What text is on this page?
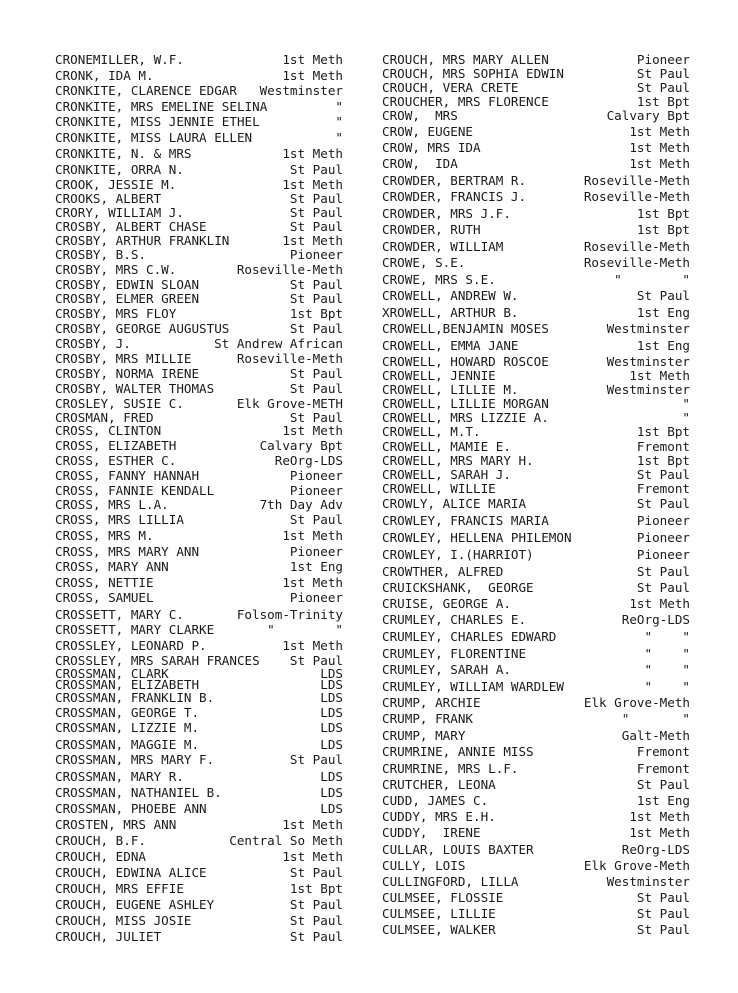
CRONEMILLER, W.F.	1st Meth
CRONK, IDA M.	1st Meth
CRONKITE, CLARENCE EDGAR Westminster
CRONKITE, MRS EMELINE SELINA	"
CRONKITE, MISS JENNIE ETHEL	"
CRONKITE, MISS LAURA ELLEN	"
CRONKITE, N. & MRS	1st Meth
CRONKITE, ORRA N.	St Paul
CROOK, JESSIE M.	1st Meth
CROOKS, ALBERT	St Paul
CRORY, WILLIAM J.	St Paul
CROSBY, ALBERT CHASE	St Paul
CROSBY, ARTHUR FRANKLIN	1st Meth
CROSBY, B.S.	Pioneer
CROSBY, MRS C.W.	Roseville-Meth
CROSBY, EDWIN SLOAN	St Paul
CROSBY, ELMER GREEN	St Paul
CROSBY, MRS FLOY	1st Bpt
CROSBY, GEORGE AUGUSTUS	St Paul
CROSBY, J.	St Andrew African
CROSBY, MRS MILLIE	Roseville-Meth
CROSBY, NORMA IRENE	St Paul
CROSBY, WALTER THOMAS	St Paul
CROSLEY, SUSIE C.	Elk Grove-METH
CROSMAN, FRED	St Paul
CROSS, CLINTON	1st Meth
CROSS, ELIZABETH	Calvary Bpt
CROSS, ESTHER C.	ReOrg-LDS
CROSS, FANNY HANNAH	Pioneer
CROSS, FANNIE KENDALL	Pioneer
CROSS, MRS L.A.	7th Day Adv
CROSS, MRS LILLIA	St Paul
CROSS, MRS M.	1st Meth
CROSS, MRS MARY ANN	Pioneer
CROSS, MARY ANN	1st Eng
CROSS, NETTIE	1st Meth
CROSS, SAMUEL	Pioneer
CROSSETT, MARY C.	Folsom-Trinity
CROSSETT, MARY CLARKE	"        "
CROSSLEY, LEONARD P.	1st Meth
CROSSLEY, MRS SARAH FRANCES St Paul
CROSSMAN, CLARK	LDS
CROSSMAN, ELIZABETH	LDS
CROSSMAN, FRANKLIN B.	LDS
CROSSMAN, GEORGE T.	LDS
CROSSMAN, LIZZIE M.	LDS
CROSSMAN, MAGGIE M.	LDS
CROSSMAN, MRS MARY F.	St Paul
CROSSMAN, MARY R.	LDS
CROSSMAN, NATHANIEL B.	LDS
CROSSMAN, PHOEBE ANN	LDS
CROSTEN, MRS ANN	1st Meth
CROUCH, B.F.	Central So Meth
CROUCH, EDNA	1st Meth
CROUCH, EDWINA ALICE	St Paul
CROUCH, MRS EFFIE	1st Bpt
CROUCH, EUGENE ASHLEY	St Paul
CROUCH, MISS JOSIE	St Paul
CROUCH, JULIET	St Paul
CROUCH, MRS MARY ALLEN	Pioneer
CROUCH, MRS SOPHIA EDWIN	St Paul
CROUCH, VERA CRETE	St Paul
CROUCHER, MRS FLORENCE	1st Bpt
CROW,  MRS	Calvary Bpt
CROW, EUGENE	1st Meth
CROW, MRS IDA	1st Meth
CROW,  IDA	1st Meth
CROWDER, BERTRAM R.	Roseville-Meth
CROWDER, FRANCIS J.	Roseville-Meth
CROWDER, MRS J.F.	1st Bpt
CROWDER, RUTH	1st Bpt
CROWDER, WILLIAM	Roseville-Meth
CROWE, S.E.	Roseville-Meth
CROWE, MRS S.E.	"        "
CROWELL, ANDREW W.	St Paul
XROWELL, ARTHUR B.	1st Eng
CROWELL,BENJAMIN MOSES	Westminster
CROWELL, EMMA JANE	1st Eng
CROWELL, HOWARD ROSCOE	Westminster
CROWELL, JENNIE	1st Meth
CROWELL, LILLIE M.	Westminster
CROWELL, LILLIE MORGAN	"
CROWELL, MRS LIZZIE A.	"
CROWELL, M.T.	1st Bpt
CROWELL, MAMIE E.	Fremont
CROWELL, MRS MARY H.	1st Bpt
CROWELL, SARAH J.	St Paul
CROWELL, WILLIE	Fremont
CROWLY, ALICE MARIA	St Paul
CROWLEY, FRANCIS MARIA	Pioneer
CROWLEY, HELLENA PHILEMON	Pioneer
CROWLEY, I.(HARRIOT)	Pioneer
CROWTHER, ALFRED	St Paul
CRUICKSHANK,  GEORGE	St Paul
CRUISE, GEORGE A.	1st Meth
CRUMLEY, CHARLES E.	ReOrg-LDS
CRUMLEY, CHARLES EDWARD	"    "
CRUMLEY, FLORENTINE	"    "
CRUMLEY, SARAH A.	"    "
CRUMLEY, WILLIAM WARDLEW	"    "
CRUMP, ARCHIE	Elk Grove-Meth
CRUMP, FRANK	"       "
CRUMP, MARY	Galt-Meth
CRUMRINE, ANNIE MISS	Fremont
CRUMRINE, MRS L.F.	Fremont
CRUTCHER, LEONA	St Paul
CUDD, JAMES C.	1st Eng
CUDDY, MRS E.H.	1st Meth
CUDDY,  IRENE	1st Meth
CULLAR, LOUIS BAXTER	ReOrg-LDS
CULLY, LOIS	Elk Grove-Meth
CULLINGFORD, LILLA	Westminster
CULMSEE, FLOSSIE	St Paul
CULMSEE, LILLIE	St Paul
CULMSEE, WALKER	St Paul
